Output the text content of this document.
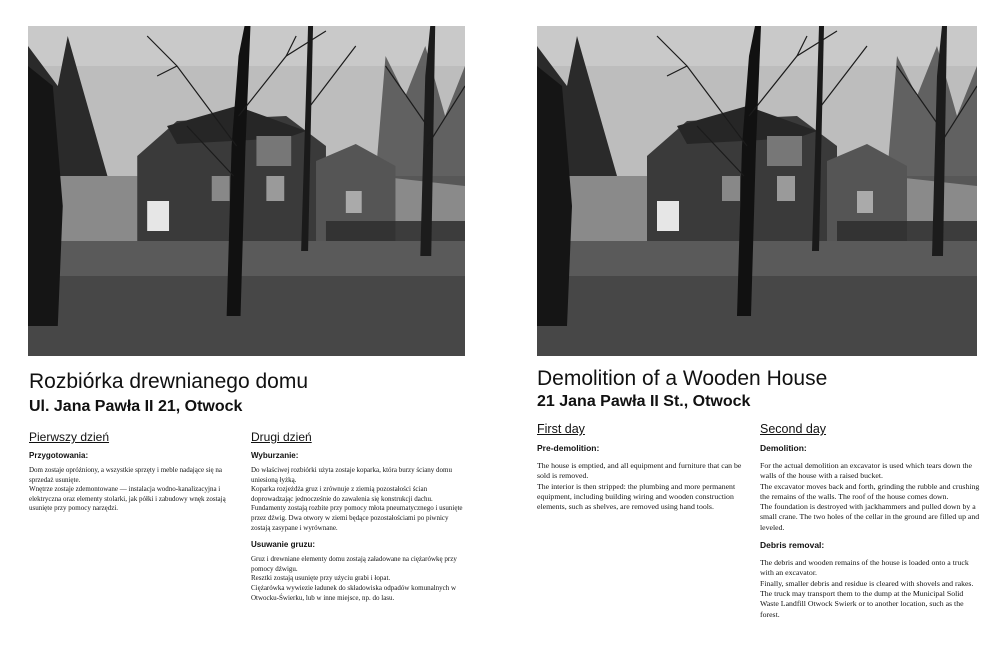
Rozbiórka drewnianego domu
Ul. Jana Pawła II 21, Otwock
Pierwszy dzień
Przygotowania:

Dom zostaje opróżniony, a wszystkie sprzęty i meble nadające się na sprzedaż usunięte.

Wnętrze zostaje zdemontowane — instalacja wodno-kanalizacyjna i elektryczna oraz elementy stolarki, jak półki i zabudowy wnęk zostają usunięte przy pomocy narzędzi.

Drugi dzień
Wyburzanie:

Do właściwej rozbiórki użyta zostaje koparka, która burzy ściany domu uniesioną łyżką.

Koparka rozjeżdża gruz i zrównuje z ziemią pozostałości ścian doprowadzając jednocześnie do zawalenia się konstrukcji dachu.

Fundamenty zostają rozbite przy pomocy młota pneumatycznego i usunięte przez dźwig. Dwa otwory w ziemi będące pozostałościami po piwnicy zostają zasypane i wyrównane.

Usuwanie gruzu:

Gruz i drewniane elementy domu zostają załadowane na ciężarówkę przy pomocy dźwigu.

Resztki zostają usunięte przy użyciu grabi i łopat.

Ciężarówka wywiezie ładunek do składowiska odpadów komunalnych w Otwocku-Świerku, lub w inne miejsce, np. do lasu.

Demolition of a Wooden House
21 Jana Pawła II St., Otwock
First day
Pre-demolition:

The house is emptied, and all equipment and furniture that can be sold is removed.

The interior is then stripped: the plumbing and more permanent equipment, including building wiring and wooden construction elements, such as shelves, are removed using hand tools.

Second day
Demolition:

For the actual demolition an excavator is used which tears down the walls of the house with a raised bucket.

The excavator moves back and forth, grinding the rubble and crushing the remains of the walls. The roof of the house comes down.

The foundation is destroyed with jackhammers and pulled down by a small crane. The two holes of the cellar in the ground are filled up and leveled.

Debris removal:

The debris and wooden remains of the house is loaded onto a truck with an excavator.

Finally, smaller debris and residue is cleared with shovels and rakes.

The truck may transport them to the dump at the Municipal Solid Waste Landfill Otwock Swierk or to another location, such as the forest.
